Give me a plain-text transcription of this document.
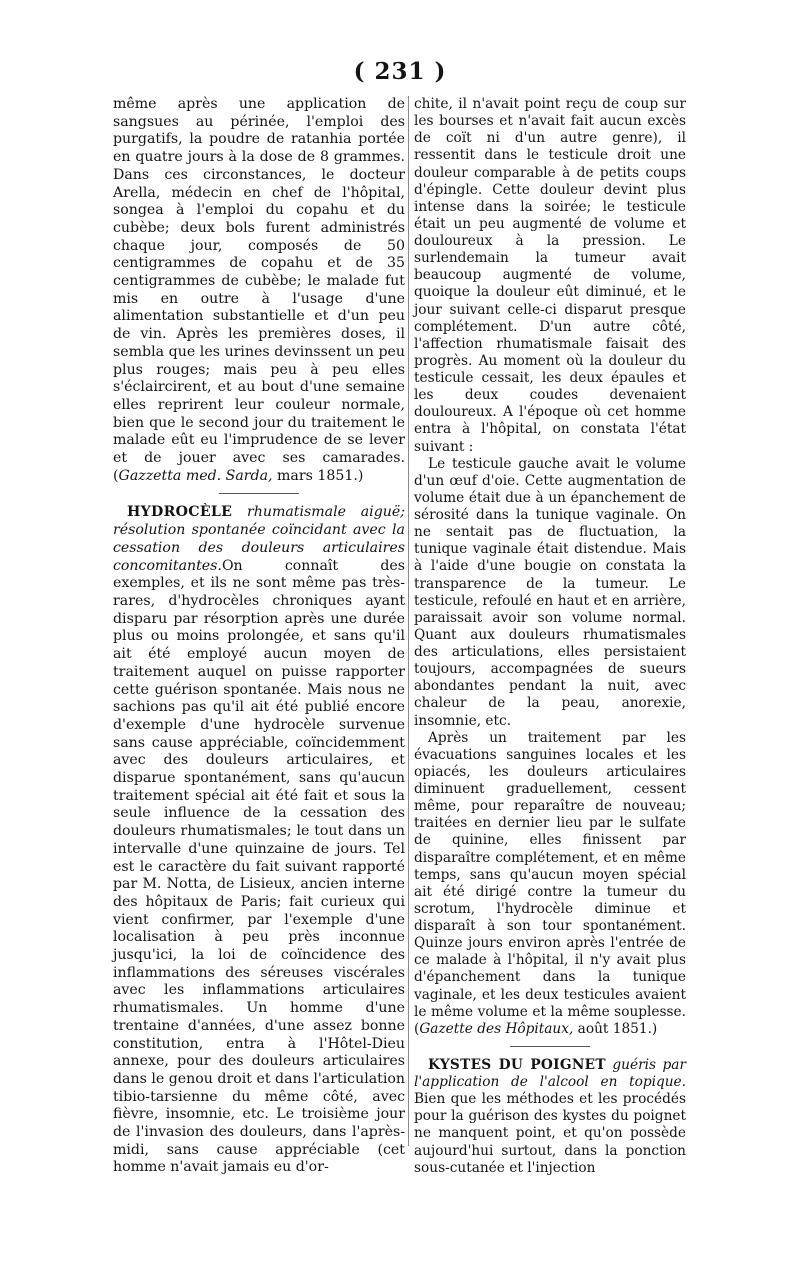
( 231 )

même après une application de sangsues au périnée, l'emploi des purgatifs, la poudre de ratanhia portée en quatre jours à la dose de 8 grammes. Dans ces circonstances, le docteur Arella, médecin en chef de l'hôpital, songea à l'emploi du copahu et du cubèbe; deux bols furent administrés chaque jour, composés de 50 centigrammes de copahu et de 35 centigrammes de cubèbe; le malade fut mis en outre à l'usage d'une alimentation substantielle et d'un peu de vin. Après les premières doses, il sembla que les urines devinssent un peu plus rouges; mais peu à peu elles s'éclaircirent, et au bout d'une semaine elles reprirent leur couleur normale, bien que le second jour du traitement le malade eût eu l'imprudence de se lever et de jouer avec ses camarades. (Gazzetta med. Sarda, mars 1851.)

HYDROCÈLE rhumatismale aiguë; résolution spontanée coïncidant avec la cessation des douleurs articulaires concomitantes.On connaît des exemples, et ils ne sont même pas très-rares, d'hydrocèles chroniques ayant disparu par résorption après une durée plus ou moins prolongée, et sans qu'il ait été employé aucun moyen de traitement auquel on puisse rapporter cette guérison spontanée. Mais nous ne sachions pas qu'il ait été publié encore d'exemple d'une hydrocèle survenue sans cause appréciable, coïncidemment avec des douleurs articulaires, et disparue spontanément, sans qu'aucun traitement spécial ait été fait et sous la seule influence de la cessation des douleurs rhumatismales; le tout dans un intervalle d'une quinzaine de jours. Tel est le caractère du fait suivant rapporté par M. Notta, de Lisieux, ancien interne des hôpitaux de Paris; fait curieux qui vient confirmer, par l'exemple d'une localisation à peu près inconnue jusqu'ici, la loi de coïncidence des inflammations des séreuses viscérales avec les inflammations articulaires rhumatismales. Un homme d'une trentaine d'années, d'une assez bonne constitution, entra à l'Hôtel-Dieu annexe, pour des douleurs articulaires dans le genou droit et dans l'articulation tibio-tarsienne du même côté, avec fièvre, insomnie, etc. Le troisième jour de l'invasion des douleurs, dans l'après-midi, sans cause appréciable (cet homme n'avait jamais eu d'or-

chite, il n'avait point reçu de coup sur les bourses et n'avait fait aucun excès de coït ni d'un autre genre), il ressentit dans le testicule droit une douleur comparable à de petits coups d'épingle. Cette douleur devint plus intense dans la soirée; le testicule était un peu augmenté de volume et douloureux à la pression. Le surlendemain la tumeur avait beaucoup augmenté de volume, quoique la douleur eût diminué, et le jour suivant celle-ci disparut presque complétement. D'un autre côté, l'affection rhumatismale faisait des progrès. Au moment où la douleur du testicule cessait, les deux épaules et les deux coudes devenaient douloureux. A l'époque où cet homme entra à l'hôpital, on constata l'état suivant :

Le testicule gauche avait le volume d'un œuf d'oie. Cette augmentation de volume était due à un épanchement de sérosité dans la tunique vaginale. On ne sentait pas de fluctuation, la tunique vaginale était distendue. Mais à l'aide d'une bougie on constata la transparence de la tumeur. Le testicule, refoulé en haut et en arrière, paraissait avoir son volume normal. Quant aux douleurs rhumatismales des articulations, elles persistaient toujours, accompagnées de sueurs abondantes pendant la nuit, avec chaleur de la peau, anorexie, insomnie, etc.

Après un traitement par les évacuations sanguines locales et les opiacés, les douleurs articulaires diminuent graduellement, cessent même, pour reparaître de nouveau; traitées en dernier lieu par le sulfate de quinine, elles finissent par disparaître complétement, et en même temps, sans qu'aucun moyen spécial ait été dirigé contre la tumeur du scrotum, l'hydrocèle diminue et disparaît à son tour spontanément. Quinze jours environ après l'entrée de ce malade à l'hôpital, il n'y avait plus d'épanchement dans la tunique vaginale, et les deux testicules avaient le même volume et la même souplesse. (Gazette des Hôpitaux, août 1851.)

KYSTES DU POIGNET guéris par l'application de l'alcool en topique. Bien que les méthodes et les procédés pour la guérison des kystes du poignet ne manquent point, et qu'on possède aujourd'hui surtout, dans la ponction sous-cutanée et l'injection
